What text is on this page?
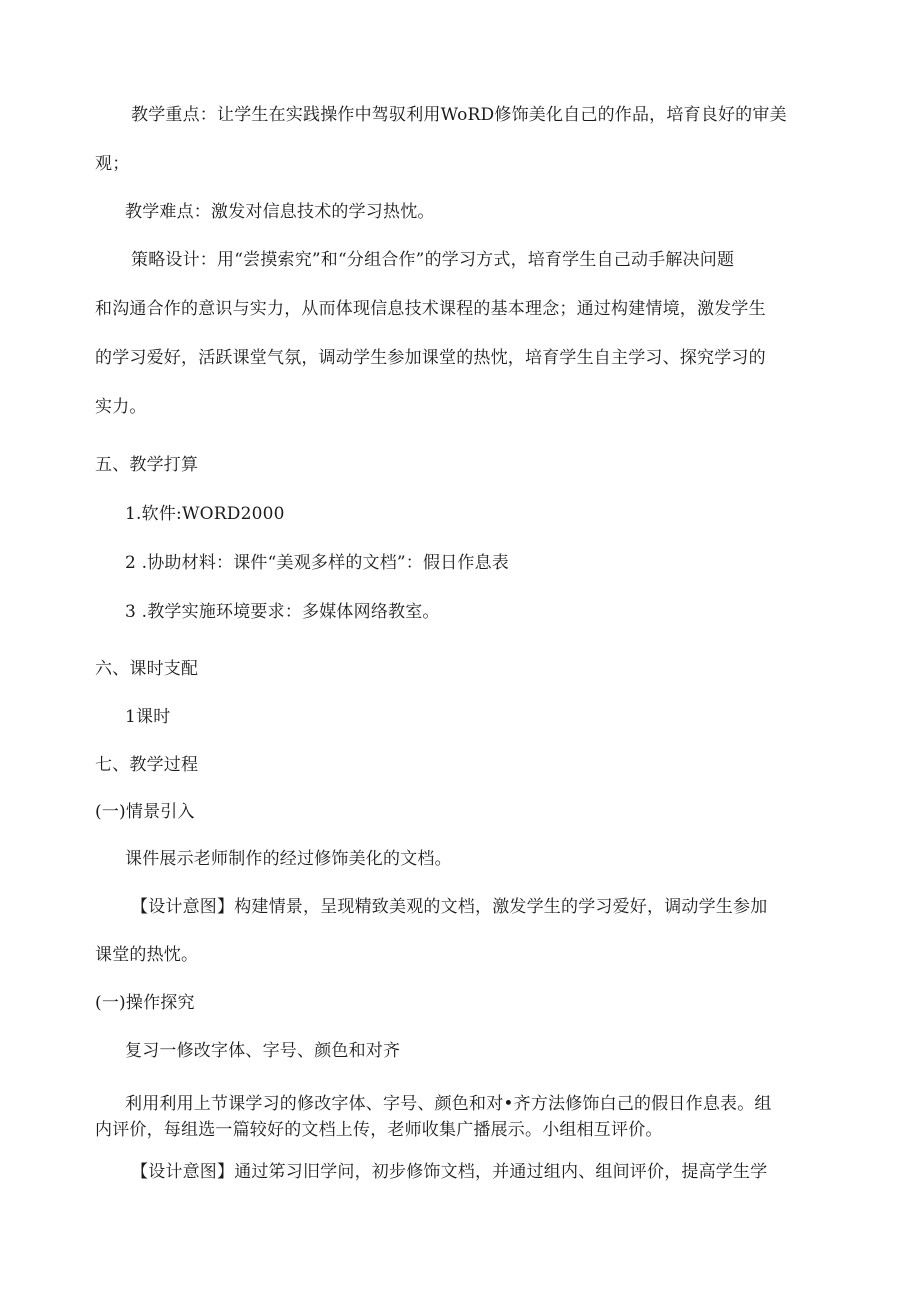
教学重点：让学生在实践操作中驾驭利用WoRD修饰美化自己的作品，培育良好的审美
观；
教学难点：激发对信息技术的学习热忱。
策略设计：用“尝摸索究”和“分组合作”的学习方式，培育学生自己动手解决问题
和沟通合作的意识与实力，从而体现信息技术课程的基本理念；通过构建情境，激发学生
的学习爱好，活跃课堂气氛，调动学生参加课堂的热忱，培育学生自主学习、探究学习的
实力。
五、教学打算
1.软件:WORD2000
2 .协助材料：课件“美观多样的文档”：假日作息表
3 .教学实施环境要求：多媒体网络教室。
六、课时支配
1课时
七、教学过程
(一)情景引入
课件展示老师制作的经过修饰美化的文档。
【设计意图】构建情景，呈现精致美观的文档，激发学生的学习爱好，调动学生参加
课堂的热忱。
(一)操作探究
复习一修改字体、字号、颜色和对齐
利用利用上节课学习的修改字体、字号、颜色和对•齐方法修饰白己的假日作息表。组
内评价，每组选一篇较好的文档上传，老师收集广播展示。小组相互评价。
【设计意图】通过笫习旧学问，初步修饰文档，并通过组内、组间评价，提高学生学
